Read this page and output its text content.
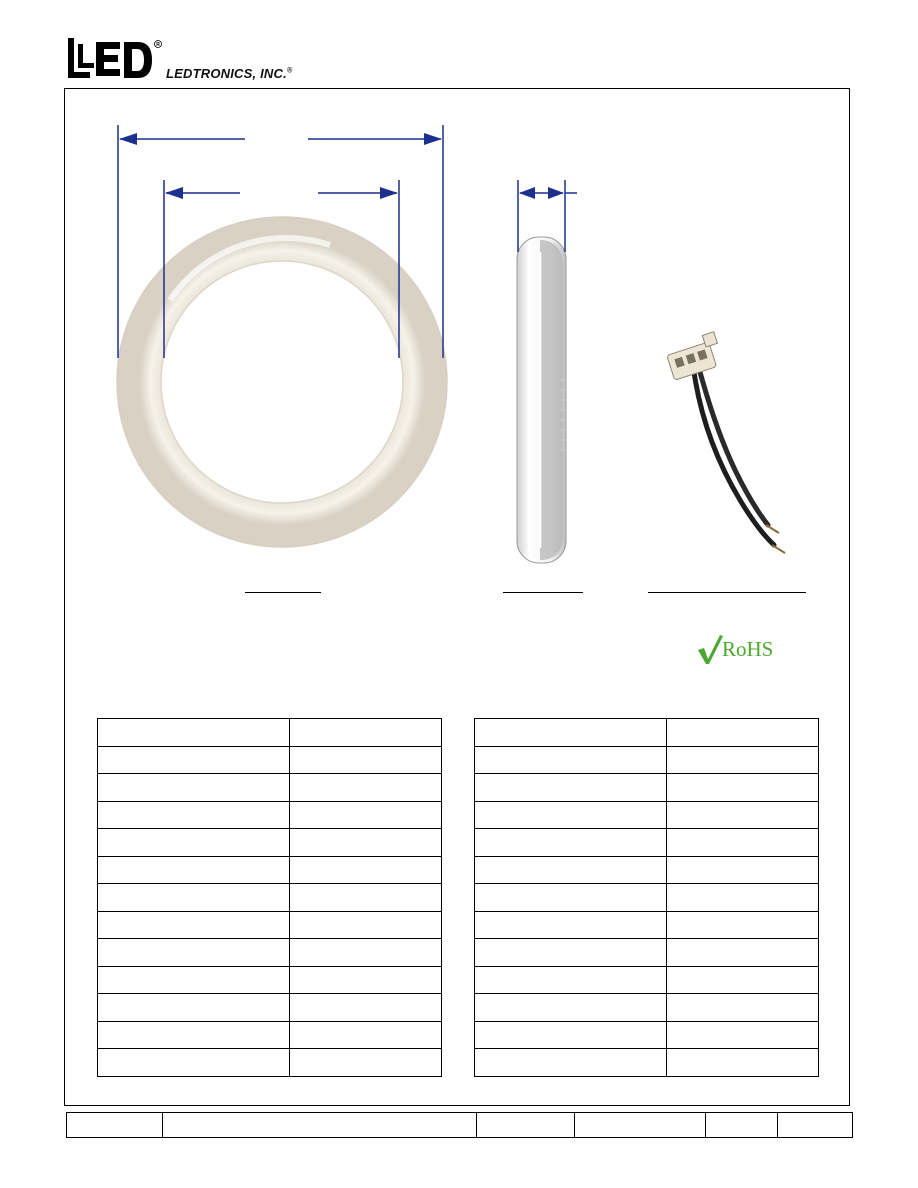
R
LEDTRONICS, INC.®
RoHS
